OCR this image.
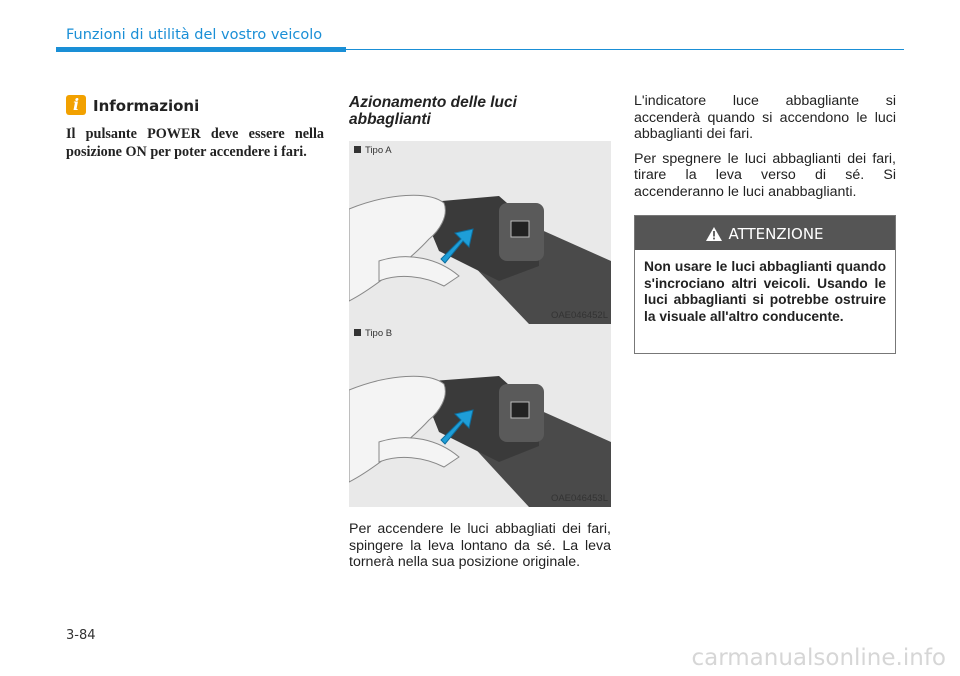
Funzioni di utilità del vostro veicolo
i Informazioni
Il pulsante POWER deve essere nella posizione ON per poter accendere i fari.
Azionamento delle luci abbaglianti
Tipo A
OAE046452L
Tipo B
OAE046453L

Per accendere le luci abbagliati dei fari, spingere la leva lontano da sé. La leva tornerà nella sua posizione originale.

L'indicatore luce abbagliante si accenderà quando si accendono le luci abbaglianti dei fari.

Per spegnere le luci abbaglianti dei fari, tirare la leva verso di sé. Si accenderanno le luci anabbaglianti.

ATTENZIONE
Non usare le luci abbaglianti quando s'incrociano altri veicoli. Usando le luci abbaglianti si potrebbe ostruire la visuale all'altro conducente.
3-84
carmanualsonline.info
